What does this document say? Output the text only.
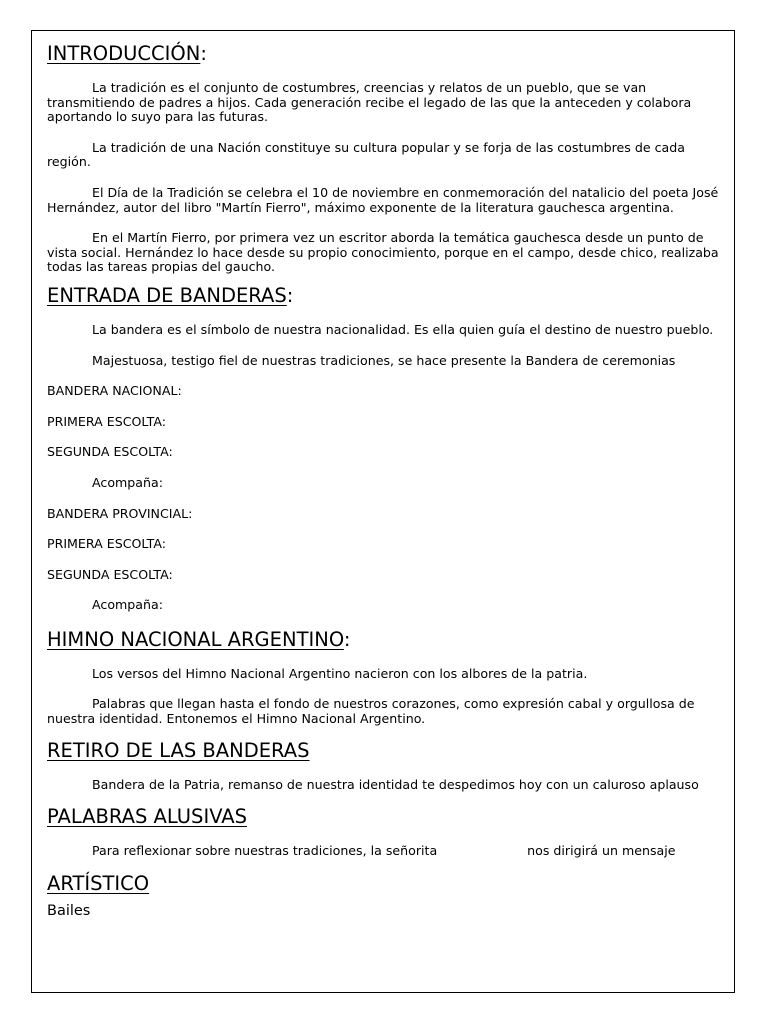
INTRODUCCIÓN:

La tradición es el conjunto de costumbres, creencias y relatos de un pueblo, que se van transmitiendo de padres a hijos. Cada generación recibe el legado de las que la anteceden y colabora aportando lo suyo para las futuras.

La tradición de una Nación constituye su cultura popular y se forja de las costumbres de cada región.

El Día de la Tradición se celebra el 10 de noviembre en conmemoración del natalicio del poeta José Hernández, autor del libro "Martín Fierro", máximo exponente de la literatura gauchesca argentina.

En el Martín Fierro, por primera vez un escritor aborda la temática gauchesca desde un punto de vista social. Hernández lo hace desde su propio conocimiento, porque en el campo, desde chico, realizaba todas las tareas propias del gaucho.

ENTRADA DE BANDERAS:

La bandera es el símbolo de nuestra nacionalidad. Es ella quien guía el destino de nuestro pueblo.

Majestuosa, testigo fiel de nuestras tradiciones, se hace presente la Bandera de ceremonias

BANDERA NACIONAL:

PRIMERA ESCOLTA:

SEGUNDA ESCOLTA:

Acompaña:

BANDERA PROVINCIAL:

PRIMERA ESCOLTA:

SEGUNDA ESCOLTA:

Acompaña:

HIMNO NACIONAL ARGENTINO:

Los versos del Himno Nacional Argentino nacieron con los albores de la patria.

Palabras que llegan hasta el fondo de nuestros corazones, como expresión cabal y orgullosa de nuestra identidad. Entonemos el Himno Nacional Argentino.

RETIRO DE LAS BANDERAS

Bandera de la Patria, remanso de nuestra identidad te despedimos hoy con un caluroso aplauso

PALABRAS ALUSIVAS

Para reflexionar sobre nuestras tradiciones, la señorita	nos dirigirá un mensaje

ARTÍSTICO

Bailes
